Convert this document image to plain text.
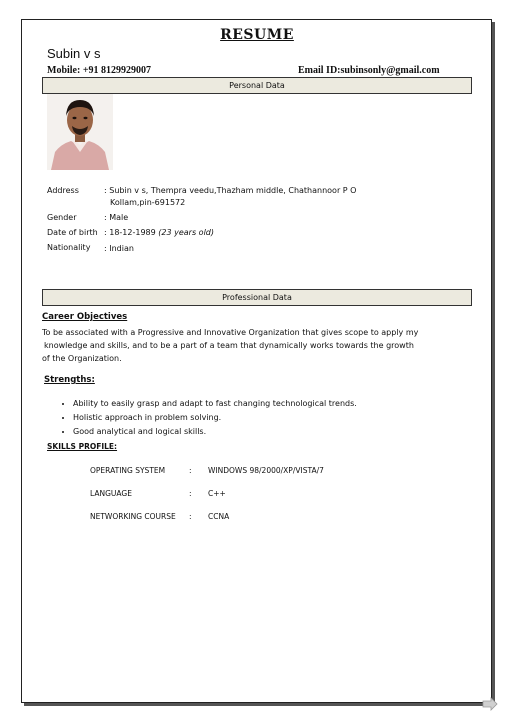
RESUME
Subin v s
Mobile: +91 8129929007	Email ID:subinsonly@gmail.com
Personal Data
Address	: Subin v s, Thempra veedu,Thazham middle, Chathannoor P O
Kollam,pin-691572
Gender	: Male
Date of birth : 18-12-1989 (23 years old)
Nationality : Indian
Professional Data
Career Objectives
To be associated with a Progressive and Innovative Organization that gives scope to apply my
knowledge and skills, and to be a part of a team that dynamically works towards the growth
of the Organization.
Strengths:
• Ability to easily grasp and adapt to fast changing technological trends.
• Holistic approach in problem solving.
• Good analytical and logical skills.
SKILLS PROFILE:
OPERATING SYSTEM	: WINDOWS 98/2000/XP/VISTA/7
LANGUAGE	: C++
NETWORKING COURSE : CCNA
